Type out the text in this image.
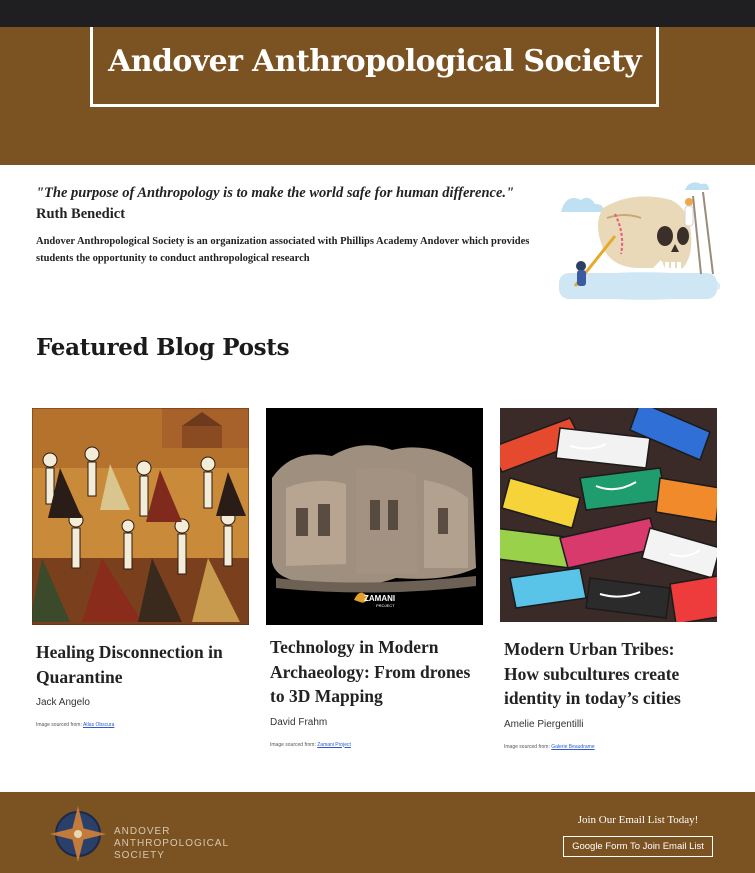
Andover Anthropological Society

"The purpose of Anthropology is to make the world safe for human difference."

Ruth Benedict

Andover Anthropological Society is an organization associated with Phillips Academy Andover which provides students the opportunity to conduct anthropological research

Featured Blog Posts
Healing Disconnection in Quarantine

Jack Angelo

Image sourced from: Atlas Obscura

ZAMANI
PROJECT
Technology in Modern Archaeology: From drones to 3D Mapping

David Frahm

Image sourced from: Zamani Project

Modern Urban Tribes: How subcultures create identity in today’s cities

Amelie Piergentilli

Image sourced from: Galerie Beaudrame

ANDOVER
ANTHROPOLOGICAL
SOCIETY
Join Our Email List Today!
Google Form To Join Email List
